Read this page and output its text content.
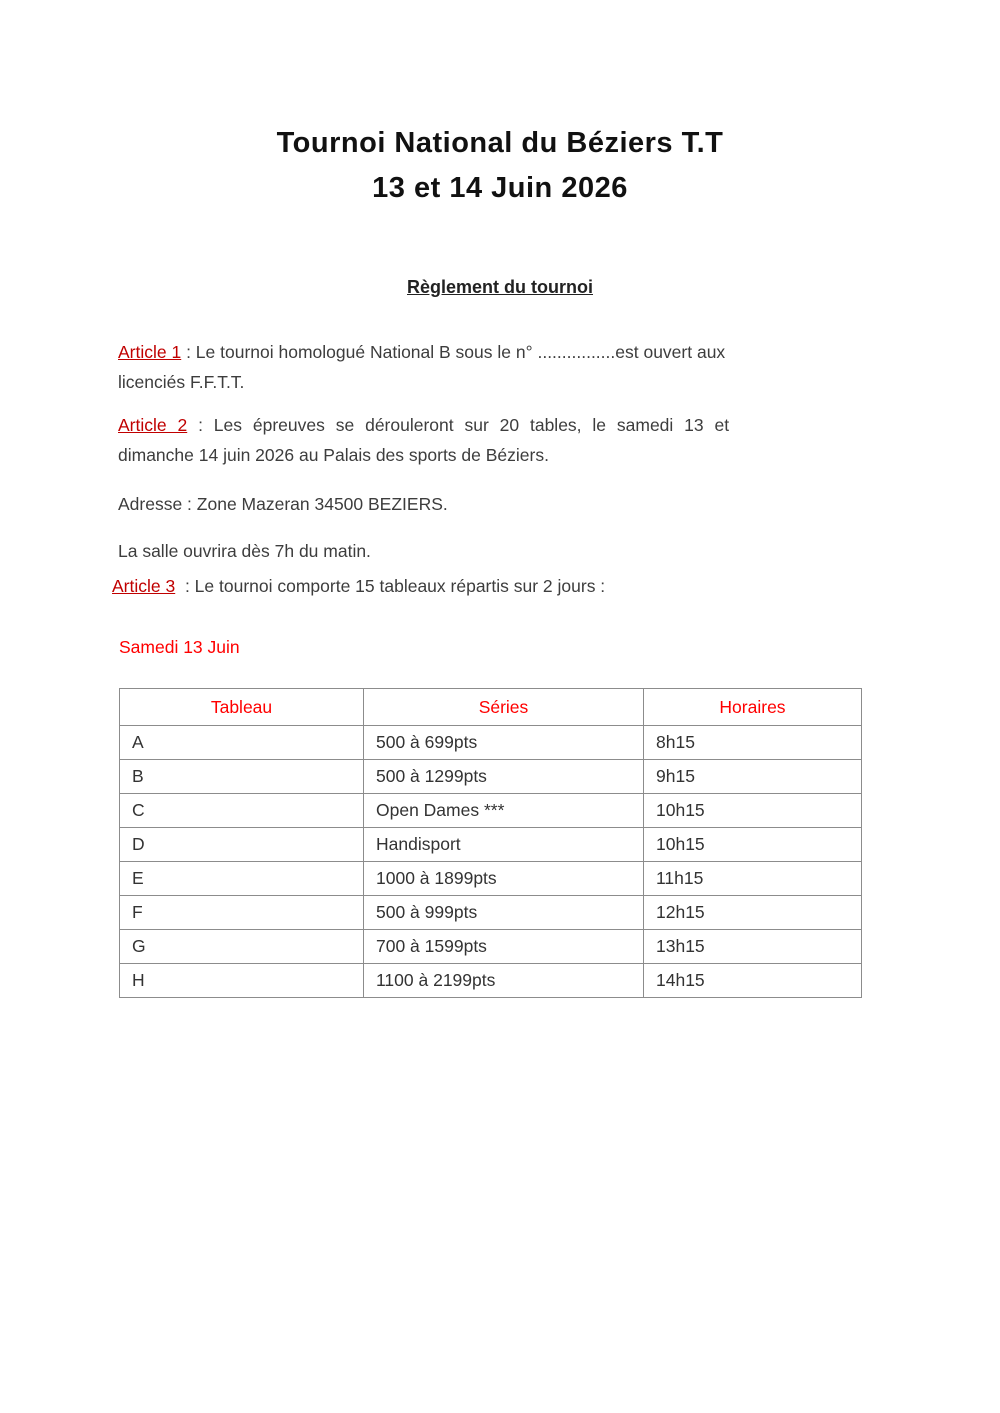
Tournoi National du Béziers T.T
13 et 14 Juin 2026
Règlement du tournoi

Article 1 : Le tournoi homologué National B sous le n° ................est ouvert aux
licenciés F.F.T.T.

Article 2 : Les épreuves se dérouleront sur 20 tables, le samedi 13 et
dimanche 14 juin 2026 au Palais des sports de Béziers.

Adresse : Zone Mazeran 34500 BEZIERS.

La salle ouvrira dès 7h du matin.

Article 3  : Le tournoi comporte 15 tableaux répartis sur 2 jours :

Samedi 13 Juin
Tableau	Séries	Horaires
A	500 à 699pts	8h15
B	500 à 1299pts	9h15
C	Open Dames ***	10h15
D	Handisport	10h15
E	1000 à 1899pts	11h15
F	500 à 999pts	12h15
G	700 à 1599pts	13h15
H	1100 à 2199pts	14h15
